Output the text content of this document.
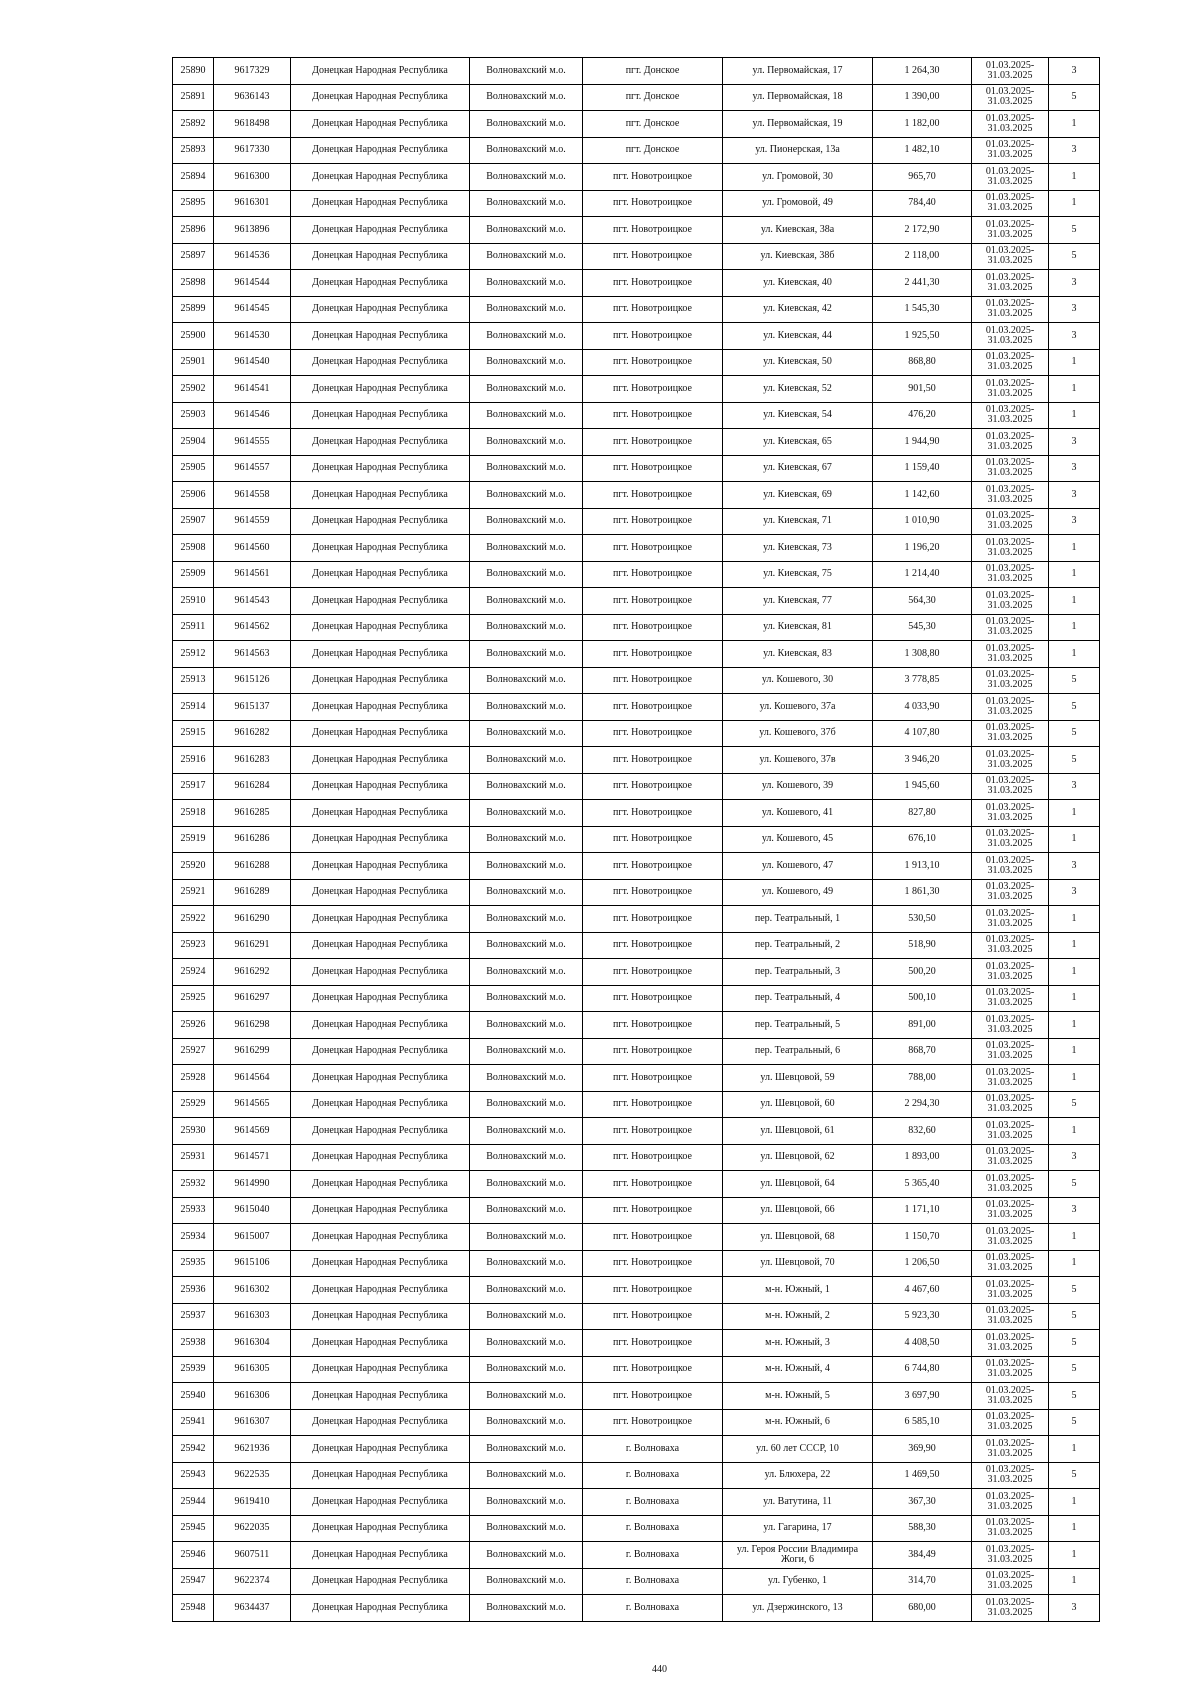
25890	9617329	Донецкая Народная Республика	Волновахский м.о.	пгт. Донское	ул. Первомайская, 17	1 264,30	01.03.2025-
31.03.2025	3
25891	9636143	Донецкая Народная Республика	Волновахский м.о.	пгт. Донское	ул. Первомайская, 18	1 390,00	01.03.2025-
31.03.2025	5
25892	9618498	Донецкая Народная Республика	Волновахский м.о.	пгт. Донское	ул. Первомайская, 19	1 182,00	01.03.2025-
31.03.2025	1
25893	9617330	Донецкая Народная Республика	Волновахский м.о.	пгт. Донское	ул. Пионерская, 13а	1 482,10	01.03.2025-
31.03.2025	3
25894	9616300	Донецкая Народная Республика	Волновахский м.о.	пгт. Новотроицкое	ул. Громовой, 30	965,70	01.03.2025-
31.03.2025	1
25895	9616301	Донецкая Народная Республика	Волновахский м.о.	пгт. Новотроицкое	ул. Громовой, 49	784,40	01.03.2025-
31.03.2025	1
25896	9613896	Донецкая Народная Республика	Волновахский м.о.	пгт. Новотроицкое	ул. Киевская, 38а	2 172,90	01.03.2025-
31.03.2025	5
25897	9614536	Донецкая Народная Республика	Волновахский м.о.	пгт. Новотроицкое	ул. Киевская, 38б	2 118,00	01.03.2025-
31.03.2025	5
25898	9614544	Донецкая Народная Республика	Волновахский м.о.	пгт. Новотроицкое	ул. Киевская, 40	2 441,30	01.03.2025-
31.03.2025	3
25899	9614545	Донецкая Народная Республика	Волновахский м.о.	пгт. Новотроицкое	ул. Киевская, 42	1 545,30	01.03.2025-
31.03.2025	3
25900	9614530	Донецкая Народная Республика	Волновахский м.о.	пгт. Новотроицкое	ул. Киевская, 44	1 925,50	01.03.2025-
31.03.2025	3
25901	9614540	Донецкая Народная Республика	Волновахский м.о.	пгт. Новотроицкое	ул. Киевская, 50	868,80	01.03.2025-
31.03.2025	1
25902	9614541	Донецкая Народная Республика	Волновахский м.о.	пгт. Новотроицкое	ул. Киевская, 52	901,50	01.03.2025-
31.03.2025	1
25903	9614546	Донецкая Народная Республика	Волновахский м.о.	пгт. Новотроицкое	ул. Киевская, 54	476,20	01.03.2025-
31.03.2025	1
25904	9614555	Донецкая Народная Республика	Волновахский м.о.	пгт. Новотроицкое	ул. Киевская, 65	1 944,90	01.03.2025-
31.03.2025	3
25905	9614557	Донецкая Народная Республика	Волновахский м.о.	пгт. Новотроицкое	ул. Киевская, 67	1 159,40	01.03.2025-
31.03.2025	3
25906	9614558	Донецкая Народная Республика	Волновахский м.о.	пгт. Новотроицкое	ул. Киевская, 69	1 142,60	01.03.2025-
31.03.2025	3
25907	9614559	Донецкая Народная Республика	Волновахский м.о.	пгт. Новотроицкое	ул. Киевская, 71	1 010,90	01.03.2025-
31.03.2025	3
25908	9614560	Донецкая Народная Республика	Волновахский м.о.	пгт. Новотроицкое	ул. Киевская, 73	1 196,20	01.03.2025-
31.03.2025	1
25909	9614561	Донецкая Народная Республика	Волновахский м.о.	пгт. Новотроицкое	ул. Киевская, 75	1 214,40	01.03.2025-
31.03.2025	1
25910	9614543	Донецкая Народная Республика	Волновахский м.о.	пгт. Новотроицкое	ул. Киевская, 77	564,30	01.03.2025-
31.03.2025	1
25911	9614562	Донецкая Народная Республика	Волновахский м.о.	пгт. Новотроицкое	ул. Киевская, 81	545,30	01.03.2025-
31.03.2025	1
25912	9614563	Донецкая Народная Республика	Волновахский м.о.	пгт. Новотроицкое	ул. Киевская, 83	1 308,80	01.03.2025-
31.03.2025	1
25913	9615126	Донецкая Народная Республика	Волновахский м.о.	пгт. Новотроицкое	ул. Кошевого, 30	3 778,85	01.03.2025-
31.03.2025	5
25914	9615137	Донецкая Народная Республика	Волновахский м.о.	пгт. Новотроицкое	ул. Кошевого, 37а	4 033,90	01.03.2025-
31.03.2025	5
25915	9616282	Донецкая Народная Республика	Волновахский м.о.	пгт. Новотроицкое	ул. Кошевого, 37б	4 107,80	01.03.2025-
31.03.2025	5
25916	9616283	Донецкая Народная Республика	Волновахский м.о.	пгт. Новотроицкое	ул. Кошевого, 37в	3 946,20	01.03.2025-
31.03.2025	5
25917	9616284	Донецкая Народная Республика	Волновахский м.о.	пгт. Новотроицкое	ул. Кошевого, 39	1 945,60	01.03.2025-
31.03.2025	3
25918	9616285	Донецкая Народная Республика	Волновахский м.о.	пгт. Новотроицкое	ул. Кошевого, 41	827,80	01.03.2025-
31.03.2025	1
25919	9616286	Донецкая Народная Республика	Волновахский м.о.	пгт. Новотроицкое	ул. Кошевого, 45	676,10	01.03.2025-
31.03.2025	1
25920	9616288	Донецкая Народная Республика	Волновахский м.о.	пгт. Новотроицкое	ул. Кошевого, 47	1 913,10	01.03.2025-
31.03.2025	3
25921	9616289	Донецкая Народная Республика	Волновахский м.о.	пгт. Новотроицкое	ул. Кошевого, 49	1 861,30	01.03.2025-
31.03.2025	3
25922	9616290	Донецкая Народная Республика	Волновахский м.о.	пгт. Новотроицкое	пер. Театральный, 1	530,50	01.03.2025-
31.03.2025	1
25923	9616291	Донецкая Народная Республика	Волновахский м.о.	пгт. Новотроицкое	пер. Театральный, 2	518,90	01.03.2025-
31.03.2025	1
25924	9616292	Донецкая Народная Республика	Волновахский м.о.	пгт. Новотроицкое	пер. Театральный, 3	500,20	01.03.2025-
31.03.2025	1
25925	9616297	Донецкая Народная Республика	Волновахский м.о.	пгт. Новотроицкое	пер. Театральный, 4	500,10	01.03.2025-
31.03.2025	1
25926	9616298	Донецкая Народная Республика	Волновахский м.о.	пгт. Новотроицкое	пер. Театральный, 5	891,00	01.03.2025-
31.03.2025	1
25927	9616299	Донецкая Народная Республика	Волновахский м.о.	пгт. Новотроицкое	пер. Театральный, 6	868,70	01.03.2025-
31.03.2025	1
25928	9614564	Донецкая Народная Республика	Волновахский м.о.	пгт. Новотроицкое	ул. Шевцовой, 59	788,00	01.03.2025-
31.03.2025	1
25929	9614565	Донецкая Народная Республика	Волновахский м.о.	пгт. Новотроицкое	ул. Шевцовой, 60	2 294,30	01.03.2025-
31.03.2025	5
25930	9614569	Донецкая Народная Республика	Волновахский м.о.	пгт. Новотроицкое	ул. Шевцовой, 61	832,60	01.03.2025-
31.03.2025	1
25931	9614571	Донецкая Народная Республика	Волновахский м.о.	пгт. Новотроицкое	ул. Шевцовой, 62	1 893,00	01.03.2025-
31.03.2025	3
25932	9614990	Донецкая Народная Республика	Волновахский м.о.	пгт. Новотроицкое	ул. Шевцовой, 64	5 365,40	01.03.2025-
31.03.2025	5
25933	9615040	Донецкая Народная Республика	Волновахский м.о.	пгт. Новотроицкое	ул. Шевцовой, 66	1 171,10	01.03.2025-
31.03.2025	3
25934	9615007	Донецкая Народная Республика	Волновахский м.о.	пгт. Новотроицкое	ул. Шевцовой, 68	1 150,70	01.03.2025-
31.03.2025	1
25935	9615106	Донецкая Народная Республика	Волновахский м.о.	пгт. Новотроицкое	ул. Шевцовой, 70	1 206,50	01.03.2025-
31.03.2025	1
25936	9616302	Донецкая Народная Республика	Волновахский м.о.	пгт. Новотроицкое	м-н. Южный, 1	4 467,60	01.03.2025-
31.03.2025	5
25937	9616303	Донецкая Народная Республика	Волновахский м.о.	пгт. Новотроицкое	м-н. Южный, 2	5 923,30	01.03.2025-
31.03.2025	5
25938	9616304	Донецкая Народная Республика	Волновахский м.о.	пгт. Новотроицкое	м-н. Южный, 3	4 408,50	01.03.2025-
31.03.2025	5
25939	9616305	Донецкая Народная Республика	Волновахский м.о.	пгт. Новотроицкое	м-н. Южный, 4	6 744,80	01.03.2025-
31.03.2025	5
25940	9616306	Донецкая Народная Республика	Волновахский м.о.	пгт. Новотроицкое	м-н. Южный, 5	3 697,90	01.03.2025-
31.03.2025	5
25941	9616307	Донецкая Народная Республика	Волновахский м.о.	пгт. Новотроицкое	м-н. Южный, 6	6 585,10	01.03.2025-
31.03.2025	5
25942	9621936	Донецкая Народная Республика	Волновахский м.о.	г. Волноваха	ул. 60 лет СССР, 10	369,90	01.03.2025-
31.03.2025	1
25943	9622535	Донецкая Народная Республика	Волновахский м.о.	г. Волноваха	ул. Блюхера, 22	1 469,50	01.03.2025-
31.03.2025	5
25944	9619410	Донецкая Народная Республика	Волновахский м.о.	г. Волноваха	ул. Ватутина, 11	367,30	01.03.2025-
31.03.2025	1
25945	9622035	Донецкая Народная Республика	Волновахский м.о.	г. Волноваха	ул. Гагарина, 17	588,30	01.03.2025-
31.03.2025	1
25946	9607511	Донецкая Народная Республика	Волновахский м.о.	г. Волноваха	ул. Героя России Владимира Жоги, 6	384,49	01.03.2025-
31.03.2025	1
25947	9622374	Донецкая Народная Республика	Волновахский м.о.	г. Волноваха	ул. Губенко, 1	314,70	01.03.2025-
31.03.2025	1
25948	9634437	Донецкая Народная Республика	Волновахский м.о.	г. Волноваха	ул. Дзержинского, 13	680,00	01.03.2025-
31.03.2025	3
440
